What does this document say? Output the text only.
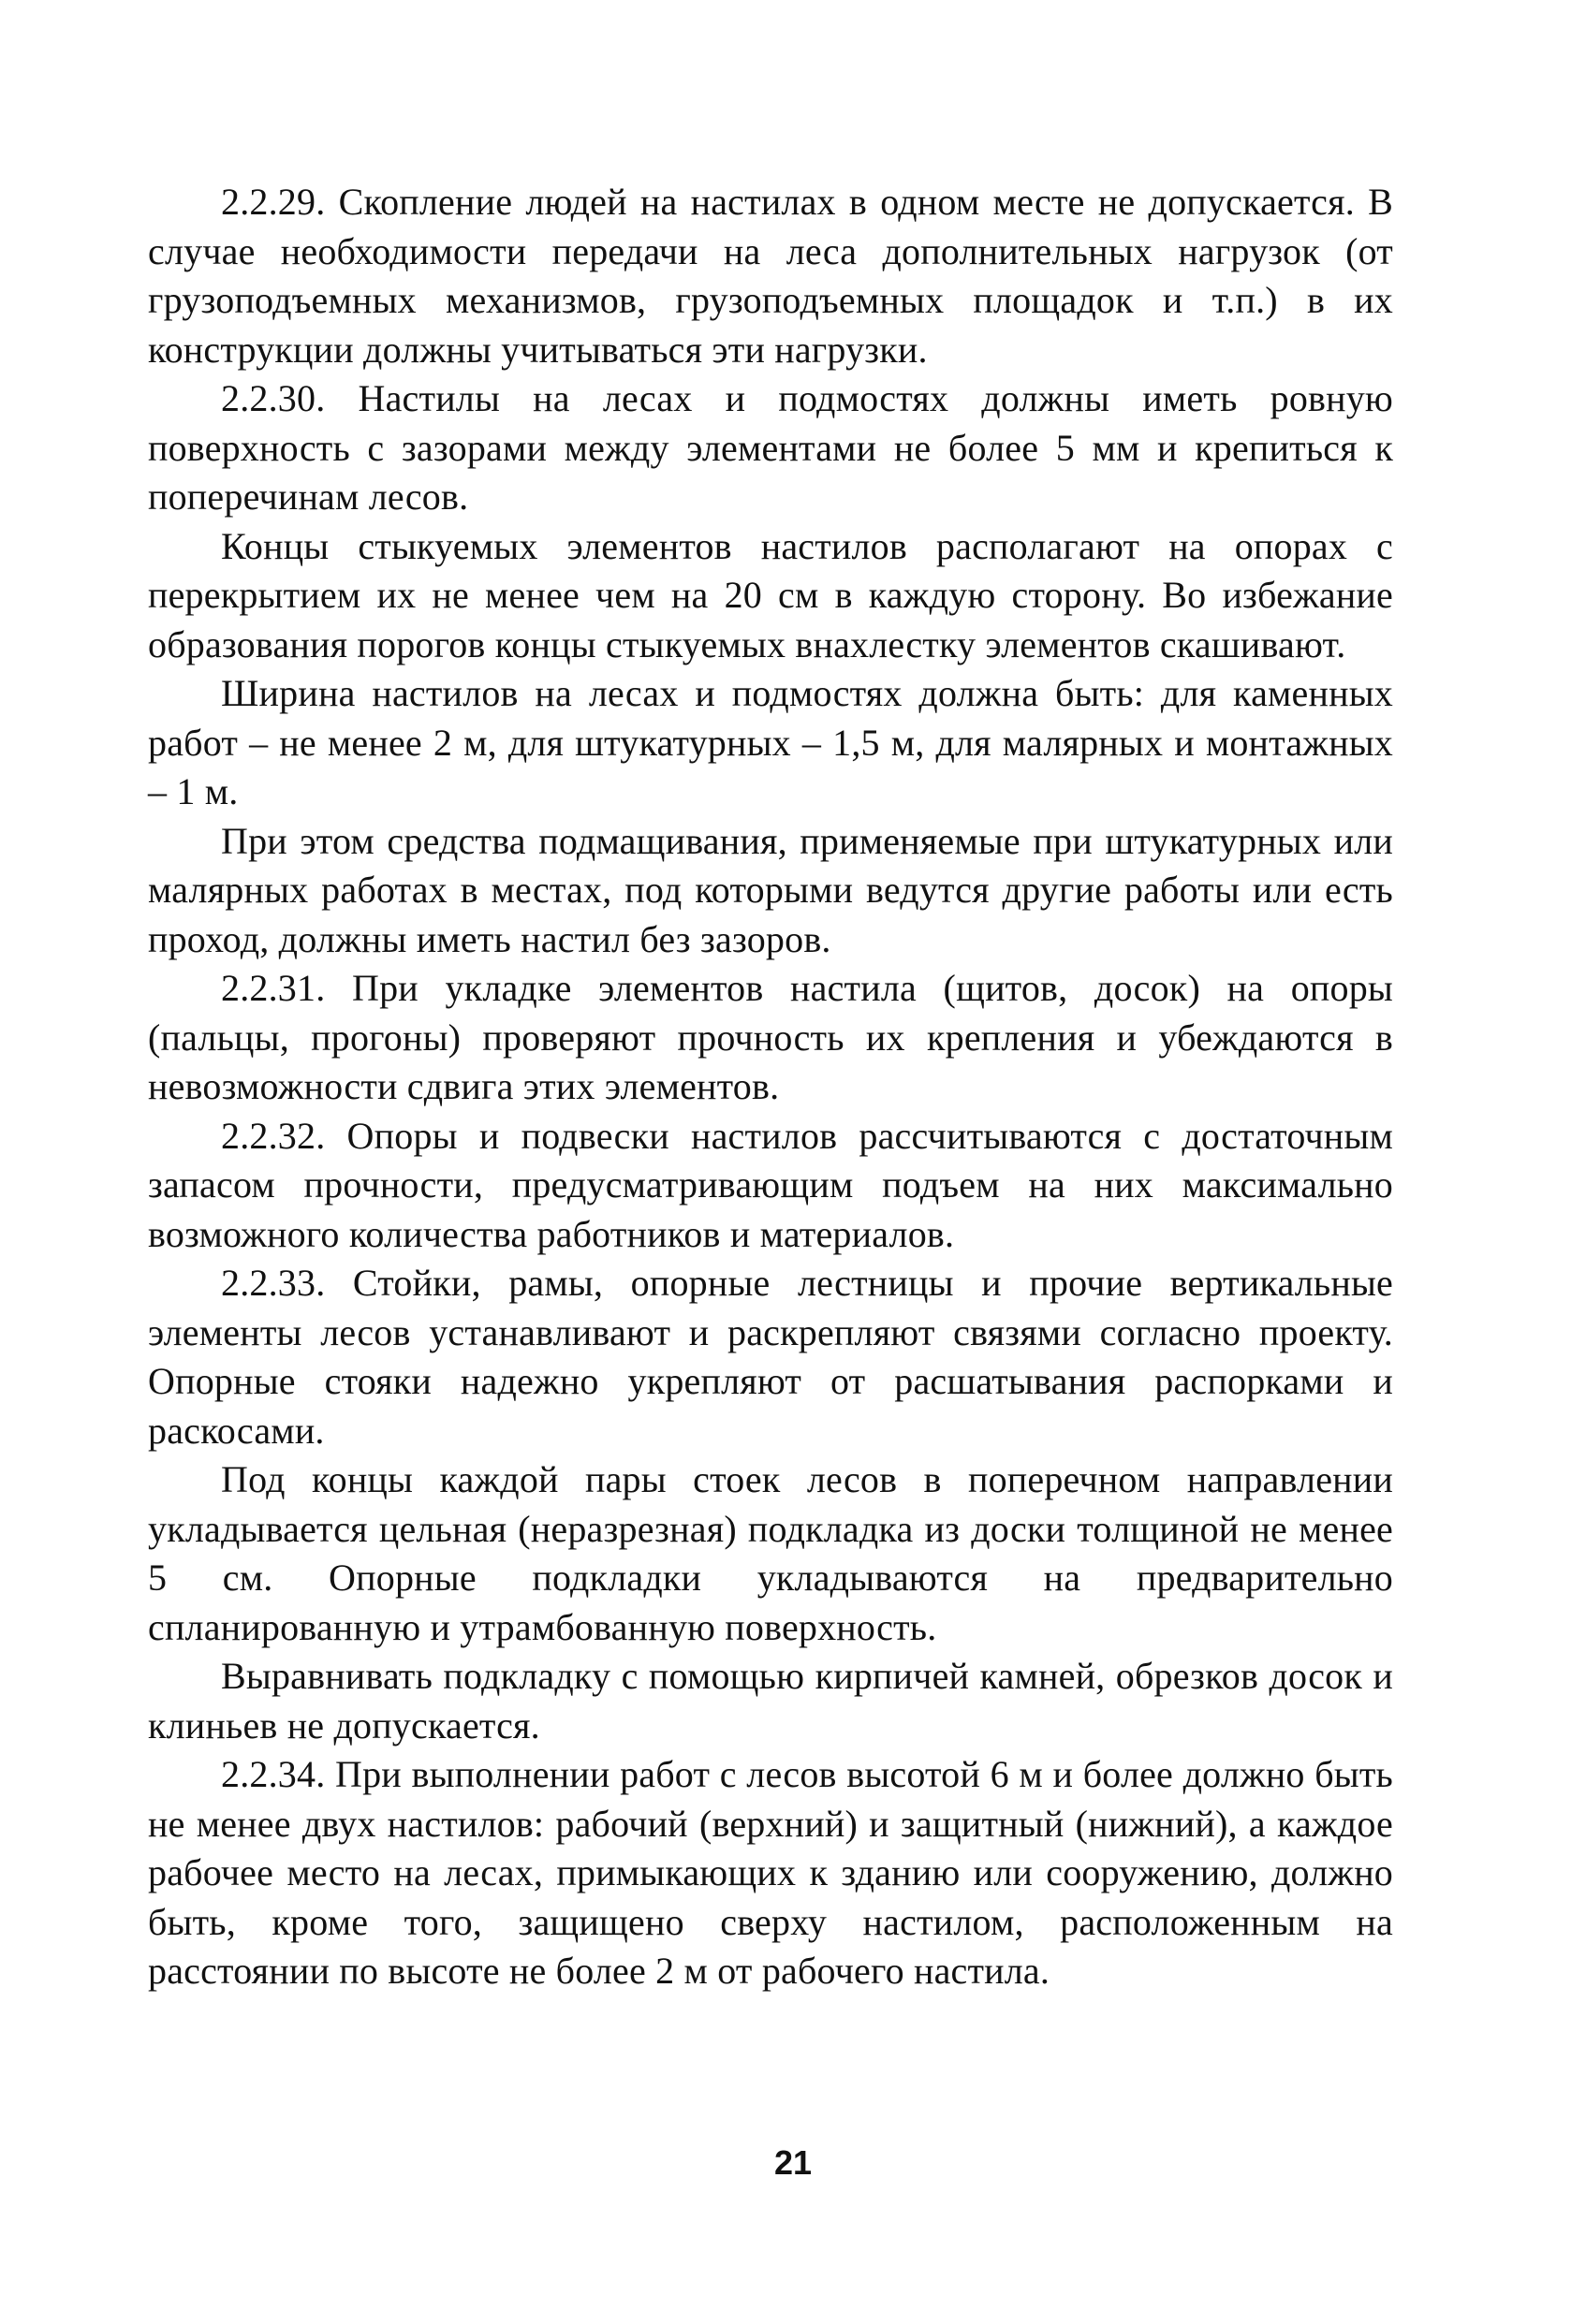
2.2.29. Скопление людей на настилах в одном месте не допускается. В случае необходимости передачи на леса дополнительных нагрузок (от грузоподъемных механизмов, грузоподъемных площадок и т.п.) в их конструкции должны учитываться эти нагрузки.

2.2.30. Настилы на лесах и подмостях должны иметь ровную поверхность с зазорами между элементами не более 5 мм и крепиться к поперечинам лесов.

Концы стыкуемых элементов настилов располагают на опорах с перекрытием их не менее чем на 20 см в каждую сторону. Во избежание образования порогов концы стыкуемых внахлестку элементов скашивают.

Ширина настилов на лесах и подмостях должна быть: для каменных работ – не менее 2 м, для штукатурных – 1,5 м, для малярных и монтажных – 1 м.

При этом средства подмащивания, применяемые при штукатурных или малярных работах в местах, под которыми ведутся другие работы или есть проход, должны иметь настил без зазоров.

2.2.31. При укладке элементов настила (щитов, досок) на опоры (пальцы, прогоны) проверяют прочность их крепления и убеждаются в невозможности сдвига этих элементов.

2.2.32. Опоры и подвески настилов рассчитываются с достаточным запасом прочности, предусматривающим подъем на них максимально возможного количества работников и материалов.

2.2.33. Стойки, рамы, опорные лестницы и прочие вертикальные элементы лесов устанавливают и раскрепляют связями согласно проекту. Опорные стояки надежно укрепляют от расшатывания распорками и раскосами.

Под концы каждой пары стоек лесов в поперечном направлении укладывается цельная (неразрезная) подкладка из доски толщиной не менее 5 см. Опорные подкладки укладываются на предварительно спланированную и утрамбованную поверхность.

Выравнивать подкладку с помощью кирпичей камней, обрезков досок и клиньев не допускается.

2.2.34. При выполнении работ с лесов высотой 6 м и более должно быть не менее двух настилов: рабочий (верхний) и защитный (нижний), а каждое рабочее место на лесах, примыкающих к зданию или сооружению, должно быть, кроме того, защищено сверху настилом, расположенным на расстоянии по высоте не более 2 м от рабочего настила.

21
